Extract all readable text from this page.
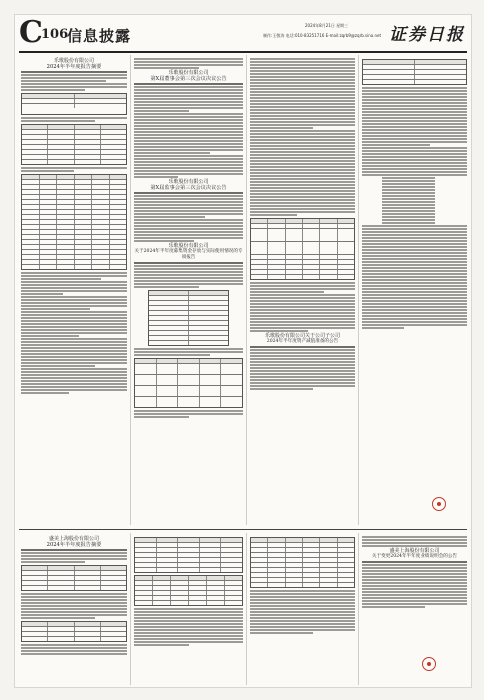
C
106
信息披露
2024年8月21日 星期三
制作:王敬涛 电话:010-83251716 E-mail:zqrb9@zqrb.sina.net 证券日报
乐歌股份有限公司
2024年半年度报告摘要
乐歌股份有限公司
第X届董事会第三次会议决议公告
乐歌股份有限公司
第X届监事会第三次会议决议公告
乐歌股份有限公司
关于2024年半年度募集资金存放与实际使用情况的专项报告
乐歌股份有限公司关于公司子公司
2024年半年度资产减值准备的公告
盛美上海股份有限公司
2024年半年度报告摘要
盛美上海股份有限公司
关于变更2024年半年度业绩说明会的公告
